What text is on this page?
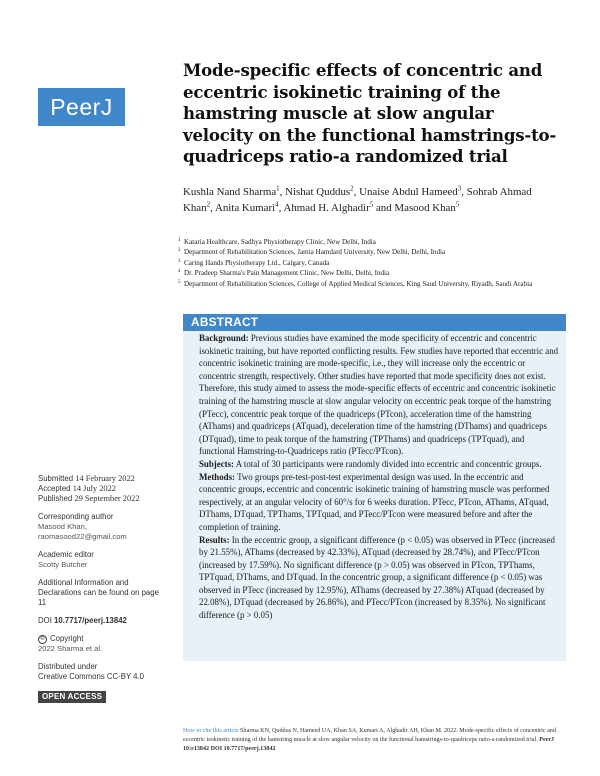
PeerJ
Mode-specific effects of concentric and eccentric isokinetic training of the hamstring muscle at slow angular velocity on the functional hamstrings-to-quadriceps ratio-a randomized trial
Kushla Nand Sharma$^1$, Nishat Quddus$^2$, Unaise Abdul Hameed$^3$, Sohrab Ahmad Khan$^2$, Anita Kumari$^4$, Ahmad H. Alghadir$^5$ and Masood Khan$^5$
1 Kataria Healthcare, Sadhya Physiotherapy Clinic, New Delhi, India
2 Department of Rehabilitation Sciences, Jamia Hamdard University, New Delhi, Delhi, India
3 Caring Hands Physiotherapy Ltd., Calgary, Canada
4 Dr. Pradeep Sharma's Pain Management Clinic, New Delhi, Delhi, India
5 Department of Rehabilitation Sciences, College of Applied Medical Sciences, King Saud University, Riyadh, Saudi Arabia
ABSTRACT

Background: Previous studies have examined the mode specificity of eccentric and concentric isokinetic training, but have reported conflicting results. Few studies have reported that eccentric and concentric isokinetic training are mode-specific, i.e., they will increase only the eccentric or concentric strength, respectively. Other studies have reported that mode specificity does not exist. Therefore, this study aimed to assess the mode-specific effects of eccentric and concentric isokinetic training of the hamstring muscle at slow angular velocity on eccentric peak torque of the hamstring (PTecc), concentric peak torque of the quadriceps (PTcon), acceleration time of the hamstring (AThams) and quadriceps (ATquad), deceleration time of the hamstring (DThams) and quadriceps (DTquad), time to peak torque of the hamstring (TPThams) and quadriceps (TPTquad), and functional Hamstring-to-Quadriceps ratio (PTecc/PTcon).

Subjects: A total of 30 participants were randomly divided into eccentric and concentric groups.

Methods: Two groups pre-test-post-test experimental design was used. In the eccentric and concentric groups, eccentric and concentric isokinetic training of hamstring muscle was performed respectively, at an angular velocity of 60°/s for 6 weeks duration. PTecc, PTcon, AThams, ATquad, DThams, DTquad, TPThams, TPTquad, and PTecc/PTcon were measured before and after the completion of training.

Results: In the eccentric group, a significant difference (p < 0.05) was observed in PTecc (increased by 21.55%), AThams (decreased by 42.33%), ATquad (decreased by 28.74%), and PTecc/PTcon (increased by 17.59%). No significant difference (p > 0.05) was observed in PTcon, TPThams, TPTquad, DThams, and DTquad. In the concentric group, a significant difference (p < 0.05) was observed in PTecc (increased by 12.95%), AThams (decreased by 27.38%) ATquad (decreased by 22.08%), DTquad (decreased by 26.86%), and PTecc/PTcon (increased by 8.35%). No significant difference (p > 0.05)

Submitted 14 February 2022
Accepted 14 July 2022
Published 29 September 2022
Corresponding author
Masood Khan,
raomasood22@gmail.com
Academic editor
Scotty Butcher
Additional Information and Declarations can be found on page 11
DOI 10.7717/peerj.13842
© Copyright
2022 Sharma et al.
Distributed under
Creative Commons CC-BY 4.0
OPEN ACCESS
How to cite this article Sharma KN, Quddus N, Hameed UA, Khan SA, Kumari A, Alghadir AH, Khan M. 2022. Mode-specific effects of concentric and eccentric isokinetic training of the hamstring muscle at slow angular velocity on the functional hamstrings-to-quadriceps ratio-a randomized trial. PeerJ 10:e13842 DOI 10.7717/peerj.13842
